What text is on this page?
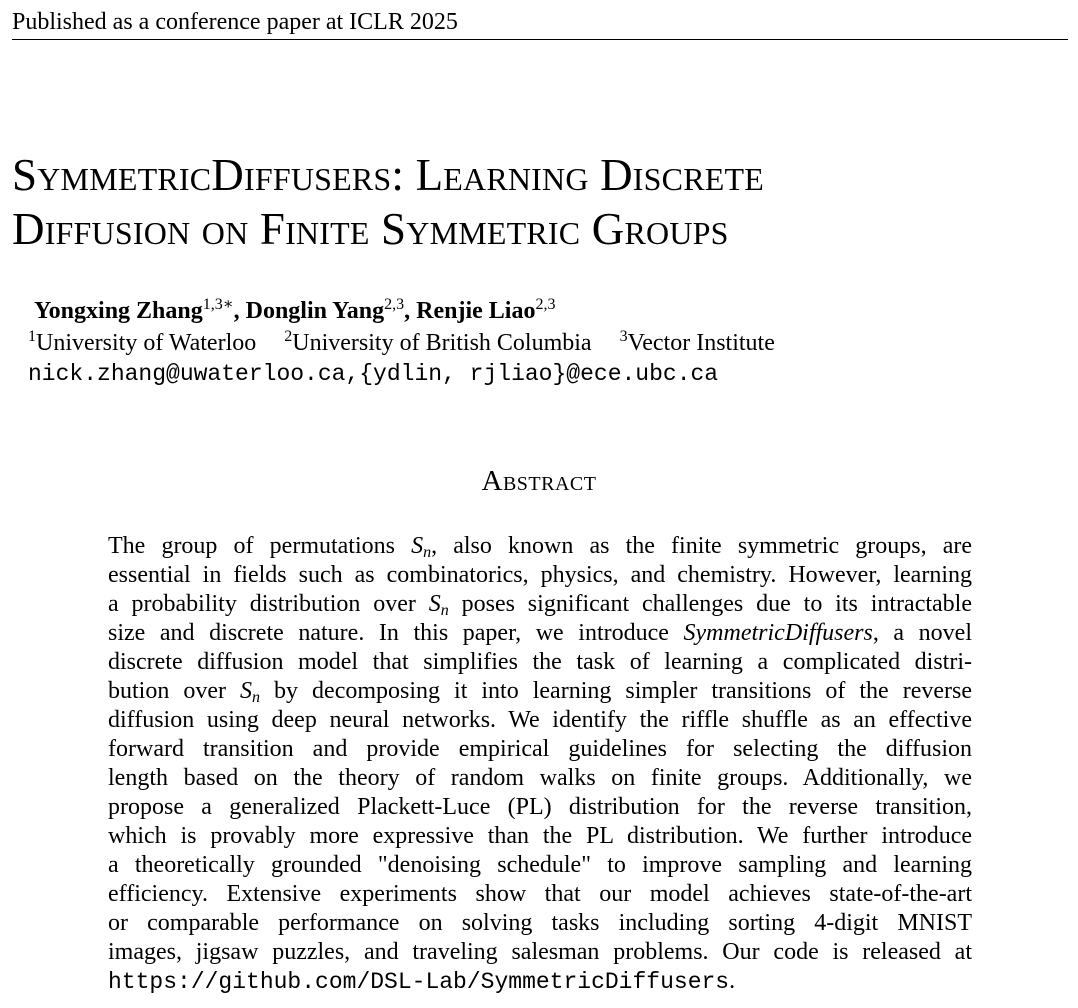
Published as a conference paper at ICLR 2025
SymmetricDiffusers: Learning Discrete
Diffusion on Finite Symmetric Groups
Yongxing Zhang$^{1,3∗}$, Donglin Yang$^{2,3}$, Renjie Liao$^{2,3}$
$^1$University of Waterloo $^2$University of British Columbia $^3$Vector Institute
nick.zhang@uwaterloo.ca,{ydlin, rjliao}@ece.ubc.ca
Abstract
The group of permutations $S_n$, also known as the finite symmetric groups, are
essential in fields such as combinatorics, physics, and chemistry. However, learning
a probability distribution over $S_n$ poses significant challenges due to its intractable
size and discrete nature. In this paper, we introduce SymmetricDiffusers, a novel
discrete diffusion model that simplifies the task of learning a complicated distri-
bution over $S_n$ by decomposing it into learning simpler transitions of the reverse
diffusion using deep neural networks. We identify the riffle shuffle as an effective
forward transition and provide empirical guidelines for selecting the diffusion
length based on the theory of random walks on finite groups. Additionally, we
propose a generalized Plackett-Luce (PL) distribution for the reverse transition,
which is provably more expressive than the PL distribution. We further introduce
a theoretically grounded "denoising schedule" to improve sampling and learning
efficiency. Extensive experiments show that our model achieves state-of-the-art
or comparable performance on solving tasks including sorting 4-digit MNIST
images, jigsaw puzzles, and traveling salesman problems. Our code is released at
https://github.com/DSL-Lab/SymmetricDiffusers.
